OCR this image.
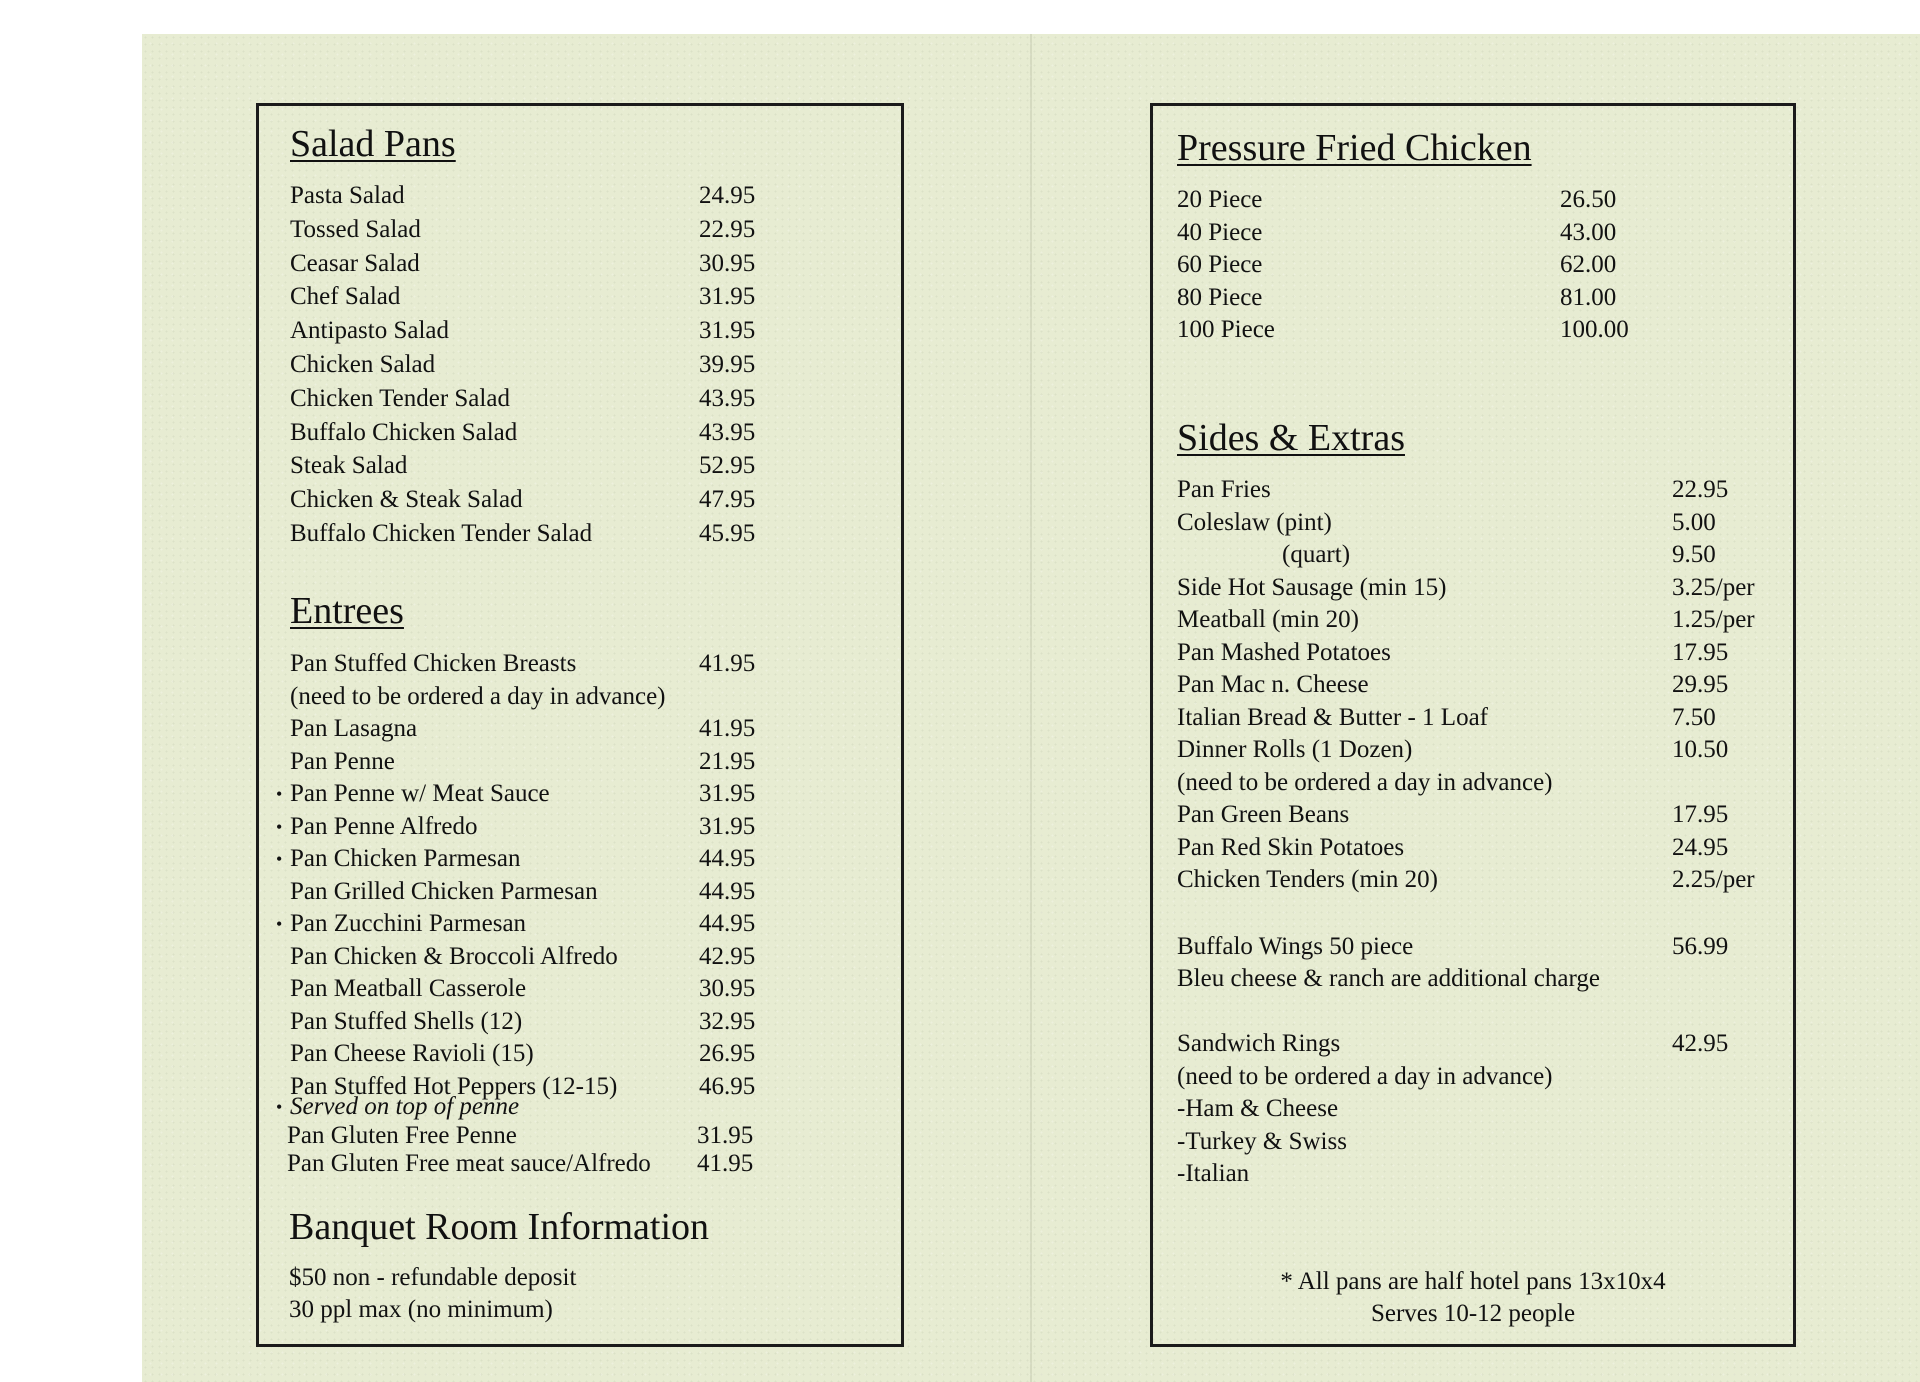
Salad Pans
Pasta Salad	24.95
Tossed Salad	22.95
Ceasar Salad	30.95
Chef Salad	31.95
Antipasto Salad	31.95
Chicken Salad	39.95
Chicken Tender Salad	43.95
Buffalo Chicken Salad	43.95
Steak Salad	52.95
Chicken & Steak Salad	47.95
Buffalo Chicken Tender Salad	45.95
Entrees
Pan Stuffed Chicken Breasts	41.95
(need to be ordered a day in advance)
Pan Lasagna	41.95
Pan Penne	21.95
• Pan Penne w/ Meat Sauce	31.95
• Pan Penne Alfredo	31.95
• Pan Chicken Parmesan	44.95
Pan Grilled Chicken Parmesan	44.95
• Pan Zucchini Parmesan	44.95
Pan Chicken & Broccoli Alfredo	42.95
Pan Meatball Casserole	30.95
Pan Stuffed Shells (12)	32.95
Pan Cheese Ravioli (15)	26.95
Pan Stuffed Hot Peppers (12-15)	46.95
• Served on top of penne
Pan Gluten Free Penne	31.95
Pan Gluten Free meat sauce/Alfredo 41.95
Banquet Room Information
$50 non - refundable deposit
30 ppl max (no minimum)
Pressure Fried Chicken
20 Piece	26.50
40 Piece	43.00
60 Piece	62.00
80 Piece	81.00
100 Piece	100.00
Sides & Extras
Pan Fries	22.95
Coleslaw (pint)	5.00
(quart)	9.50
Side Hot Sausage (min 15)	3.25/per
Meatball (min 20)	1.25/per
Pan Mashed Potatoes	17.95
Pan Mac n. Cheese	29.95
Italian Bread & Butter - 1 Loaf	7.50
Dinner Rolls (1 Dozen)	10.50
(need to be ordered a day in advance)
Pan Green Beans	17.95
Pan Red Skin Potatoes	24.95
Chicken Tenders (min 20)	2.25/per
Buffalo Wings 50 piece	56.99
Bleu cheese & ranch are additional charge
Sandwich Rings	42.95
(need to be ordered a day in advance)
-Ham & Cheese
-Turkey & Swiss
-Italian
* All pans are half hotel pans 13x10x4
Serves 10-12 people
